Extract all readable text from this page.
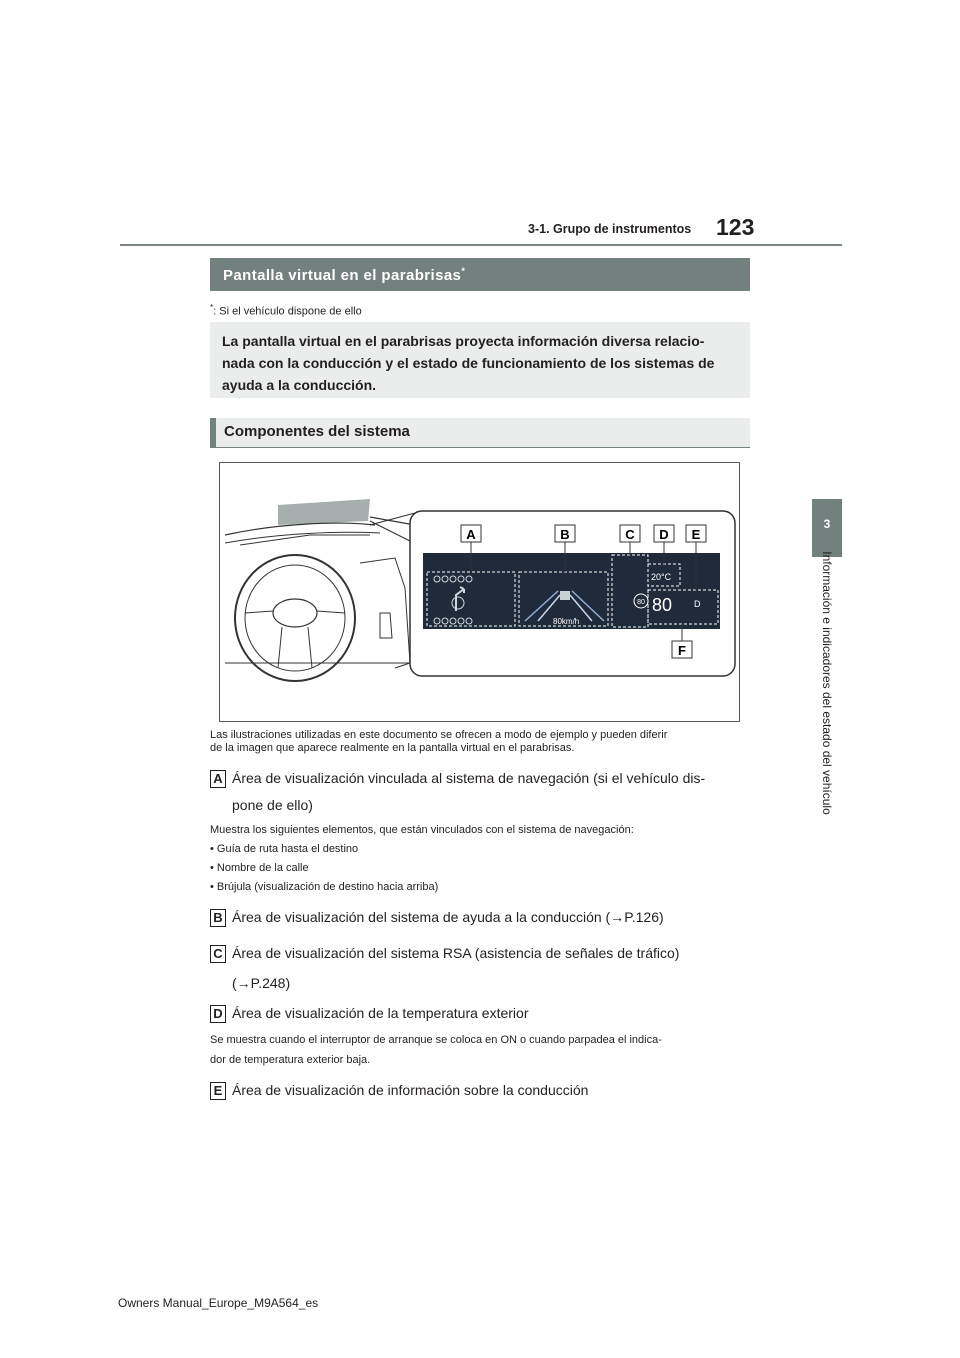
123
3-1. Grupo de instrumentos
3
Información e indicadores del estado del vehículo
Pantalla virtual en el parabrisas*
*: Si el vehículo dispone de ello
La pantalla virtual en el parabrisas proyecta información diversa relacio-
nada con la conducción y el estado de funcionamiento de los sistemas de
ayuda a la conducción.
Componentes del sistema
80km/h
80
20°C
80 D
A	B	C D E
F
Las ilustraciones utilizadas en este documento se ofrecen a modo de ejemplo y pueden diferir
de la imagen que aparece realmente en la pantalla virtual en el parabrisas.
A Área de visualización vinculada al sistema de navegación (si el vehículo dis-
pone de ello)
Muestra los siguientes elementos, que están vinculados con el sistema de navegación:
• Guía de ruta hasta el destino
• Nombre de la calle
• Brújula (visualización de destino hacia arriba)
B Área de visualización del sistema de ayuda a la conducción (→P.126)
C Área de visualización del sistema RSA (asistencia de señales de tráfico)
(→P.248)
D Área de visualización de la temperatura exterior
Se muestra cuando el interruptor de arranque se coloca en ON o cuando parpadea el indica-
dor de temperatura exterior baja.
E Área de visualización de información sobre la conducción
Owners Manual_Europe_M9A564_es
